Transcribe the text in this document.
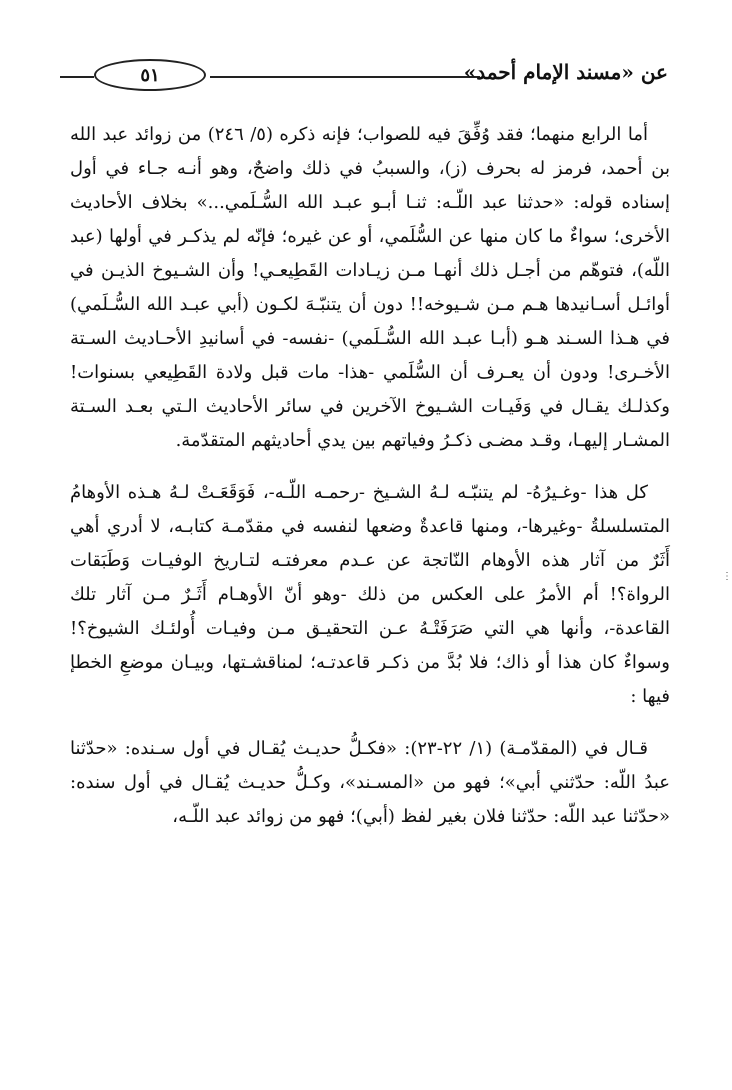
٥١	عن «مسند الإمام أحمد»

أما الرابع منهما؛ فقد وُفِّقَ فيه للصواب؛ فإنه ذكره (٥/ ٢٤٦) من زوائد عبد الله بن أحمد، فرمز له بحرف (ز)، والسببُ في ذلك واضحٌ، وهو أنـه جـاء في أول إسناده قوله: «حدثنا عبد اللّـه: ثنـا أبـو عبـد الله السُّـلَمي...» بخلاف الأحاديث الأخرى؛ سواءٌ ما كان منها عن السُّلَمي، أو عن غيره؛ فإنّه لم يذكـر في أولها (عبد اللّه)، فتوهّم من أجـل ذلك أنهـا مـن زيـادات القَطِيعـي! وأن الشـيوخ الذيـن في أوائـل أسـانيدها هـم مـن شـيوخه!! دون أن يتنبّـهَ لكـون (أبي عبـد الله السُّـلَمي) في هـذا السـند هـو (أبـا عبـد الله السُّـلَمي) -نفسه- في أسانيدِ الأحـاديث السـتة الأخـرى! ودون أن يعـرف أن السُّلَمي -هذا- مات قبل ولادة القَطِيعي بسنوات! وكذلـك يقـال في وَفَيـات الشـيوخ الآخرين في سائر الأحاديث الـتي بعـد السـتة المشـار إليهـا، وقـد مضـى ذكـرُ وفياتهم بين يدي أحاديثهم المتقدّمة.

كل هذا -وغـيرُهُ- لم يتنبّـه لـهُ الشـيخ -رحمـه اللّـه-، فَوَقَعَـتْ لـهُ هـذه الأوهامُ المتسلسلةُ -وغيرها-، ومنها قاعدةٌ وضعها لنفسه في مقدّمـة كتابـه، لا أدري أهي أَثَرٌ من آثار هذه الأوهام النّاتجة عن عـدم معرفتـه لتـاريخ الوفيـات وَطَبَقات الرواة؟! أم الأمرُ على العكس من ذلك -وهو أنّ الأوهـام أَثَـرٌ مـن آثار تلك القاعدة-، وأنها هي التي صَرَفَتْـهُ عـن التحقيـق مـن وفيـات أُولئـك الشيوخ؟! وسواءٌ كان هذا أو ذاك؛ فلا بُدَّ من ذكـر قاعدتـه؛ لمناقشـتها، وبيـان موضعِ الخطإ فيها :

قـال في (المقدّمـة) (١/ ٢٢-٢٣): «فكـلُّ حديـث يُقـال في أول سـنده: «حدّثنا عبدُ اللّه: حدّثني أبي»؛ فهو من «المسـند»، وكـلُّ حديـث يُقـال في أول سنده: «حدّثنا عبد اللّه: حدّثنا فلان بغير لفظ (أبي)؛ فهو من زوائد عبد اللّـه،

⋮
